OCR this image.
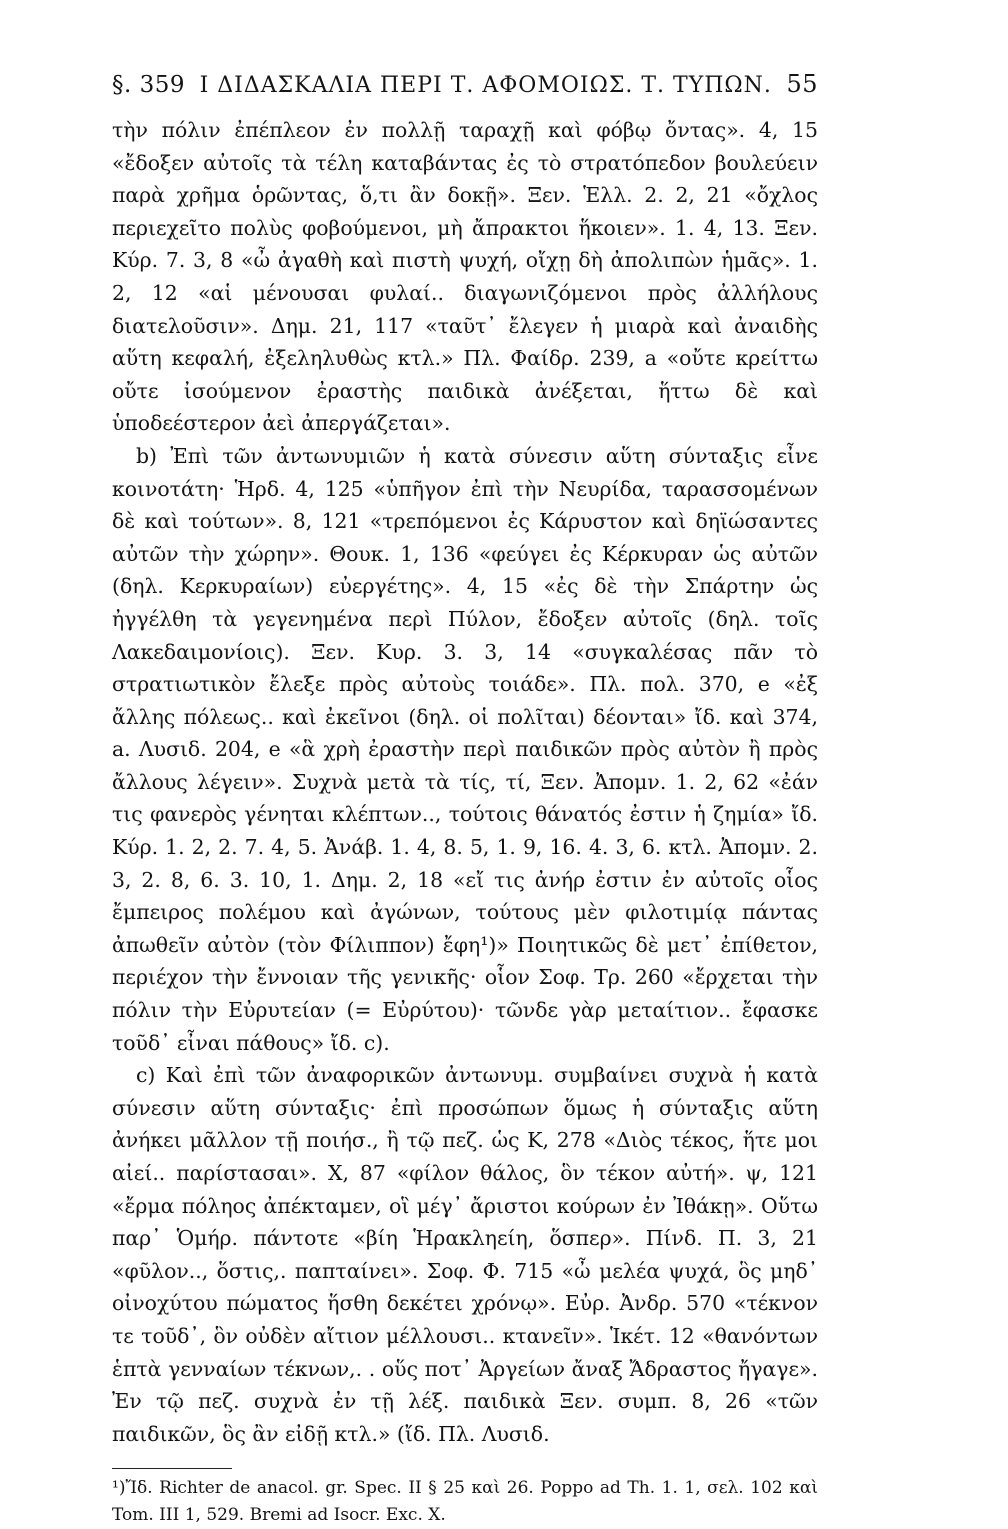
§. 359 Ι ΔΙΔΑΣΚΑΛΙΑ ΠΕΡΙ Τ. ΑΦΟΜΟΙΩΣ. Τ. ΤΥΠΩΝ. 55

τὴν πόλιν ἐπέπλεον ἐν πολλῇ ταραχῇ καὶ φόβῳ ὄντας». 4, 15 «ἔδοξεν αὐτοῖς τὰ τέλη καταβάντας ἐς τὸ στρατόπεδον βουλεύειν παρὰ χρῆμα ὁρῶντας, ὅ,τι ἂν δοκῇ». Ξεν. Ἑλλ. 2. 2, 21 «ὄχλος περιεχεῖτο πολὺς φοβούμενοι, μὴ ἄπρακτοι ἥκοιεν». 1. 4, 13. Ξεν. Κύρ. 7. 3, 8 «ὦ ἀγαθὴ καὶ πιστὴ ψυχή, οἴχῃ δὴ ἀπολιπὼν ἡμᾶς». 1. 2, 12 «αἱ μένουσαι φυλαί.. διαγωνιζόμενοι πρὸς ἀλλήλους διατελοῦσιν». Δημ. 21, 117 «ταῦτ᾽ ἔλεγεν ἡ μιαρὰ καὶ ἀναιδὴς αὕτη κεφαλή, ἐξεληλυθὼς κτλ.» Πλ. Φαίδρ. 239, a «οὔτε κρείττω οὔτε ἰσούμενον ἐραστὴς παιδικὰ ἀνέξεται, ἥττω δὲ καὶ ὑποδεέστερον ἀεὶ ἀπεργάζεται».

b) Ἐπὶ τῶν ἀντωνυμιῶν ἡ κατὰ σύνεσιν αὕτη σύνταξις εἶνε κοινοτάτη· Ἡρδ. 4, 125 «ὑπῆγον ἐπὶ τὴν Νευρίδα, ταρασσομένων δὲ καὶ τούτων». 8, 121 «τρεπόμενοι ἐς Κάρυστον καὶ δηϊώσαντες αὐτῶν τὴν χώρην». Θουκ. 1, 136 «φεύγει ἐς Κέρκυραν ὡς αὐτῶν (δηλ. Κερκυραίων) εὐεργέτης». 4, 15 «ἐς δὲ τὴν Σπάρτην ὡς ἠγγέλθη τὰ γεγενημένα περὶ Πύλον, ἔδοξεν αὐτοῖς (δηλ. τοῖς Λακεδαιμονίοις). Ξεν. Κυρ. 3. 3, 14 «συγκαλέσας πᾶν τὸ στρατιωτικὸν ἔλεξε πρὸς αὐτοὺς τοιάδε». Πλ. πολ. 370, e «ἐξ ἄλλης πόλεως.. καὶ ἐκεῖνοι (δηλ. οἱ πολῖται) δέονται» ἴδ. καὶ 374, a. Λυσιδ. 204, e «ἃ χρὴ ἐραστὴν περὶ παιδικῶν πρὸς αὐτὸν ἢ πρὸς ἄλλους λέγειν». Συχνὰ μετὰ τὰ τίς, τί, Ξεν. Ἀπομν. 1. 2, 62 «ἐάν τις φανερὸς γένηται κλέπτων.., τούτοις θάνατός ἐστιν ἡ ζημία» ἴδ. Κύρ. 1. 2, 2. 7. 4, 5. Ἀνάβ. 1. 4, 8. 5, 1. 9, 16. 4. 3, 6. κτλ. Ἀπομν. 2. 3, 2. 8, 6. 3. 10, 1. Δημ. 2, 18 «εἴ τις ἀνήρ ἐστιν ἐν αὐτοῖς οἷος ἔμπειρος πολέμου καὶ ἀγώνων, τούτους μὲν φιλοτιμίᾳ πάντας ἀπωθεῖν αὐτὸν (τὸν Φίλιππον) ἔφη¹)» Ποιητικῶς δὲ μετ᾽ ἐπίθετον, περιέχον τὴν ἔννοιαν τῆς γενικῆς· οἷον Σοφ. Τρ. 260 «ἔρχεται τὴν πόλιν τὴν Εὐρυτείαν (= Εὐρύτου)· τῶνδε γὰρ μεταίτιον.. ἔφασκε τοῦδ᾽ εἶναι πάθους» ἴδ. c).

c) Καὶ ἐπὶ τῶν ἀναφορικῶν ἀντωνυμ. συμβαίνει συχνὰ ἡ κατὰ σύνεσιν αὕτη σύνταξις· ἐπὶ προσώπων ὅμως ἡ σύνταξις αὕτη ἀνήκει μᾶλλον τῇ ποιήσ., ἢ τῷ πεζ. ὡς Κ, 278 «Διὸς τέκος, ἥτε μοι αἰεί.. παρίστασαι». Χ, 87 «φίλον θάλος, ὃν τέκον αὐτή». ψ, 121 «ἔρμα πόληος ἀπέκταμεν, οἳ μέγ᾽ ἄριστοι κούρων ἐν Ἰθάκῃ». Οὕτω παρ᾽ Ὁμήρ. πάντοτε «βίη Ἡρακληείη, ὅσπερ». Πίνδ. Π. 3, 21 «φῦλον.., ὅστις,. παπταίνει». Σοφ. Φ. 715 «ὦ μελέα ψυχά, ὃς μηδ᾽ οἰνοχύτου πώματος ἥσθη δεκέτει χρόνῳ». Εὐρ. Ἀνδρ. 570 «τέκνον τε τοῦδ᾽, ὃν οὐδὲν αἴτιον μέλλουσι.. κτανεῖν». Ἱκέτ. 12 «θανόντων ἑπτὰ γενναίων τέκνων,. . οὕς ποτ᾽ Ἀργείων ἄναξ Ἄδραστος ἤγαγε». Ἐν τῷ πεζ. συχνὰ ἐν τῇ λέξ. παιδικὰ Ξεν. συμπ. 8, 26 «τῶν παιδικῶν, ὃς ἂν εἰδῇ κτλ.» (ἴδ. Πλ. Λυσιδ.

¹)Ἴδ. Richter de anacol. gr. Spec. II § 25 καὶ 26. Poppo ad Th. 1. 1, σελ. 102 καὶ Tom. III 1, 529. Bremi ad Isocr. Exc. X.
